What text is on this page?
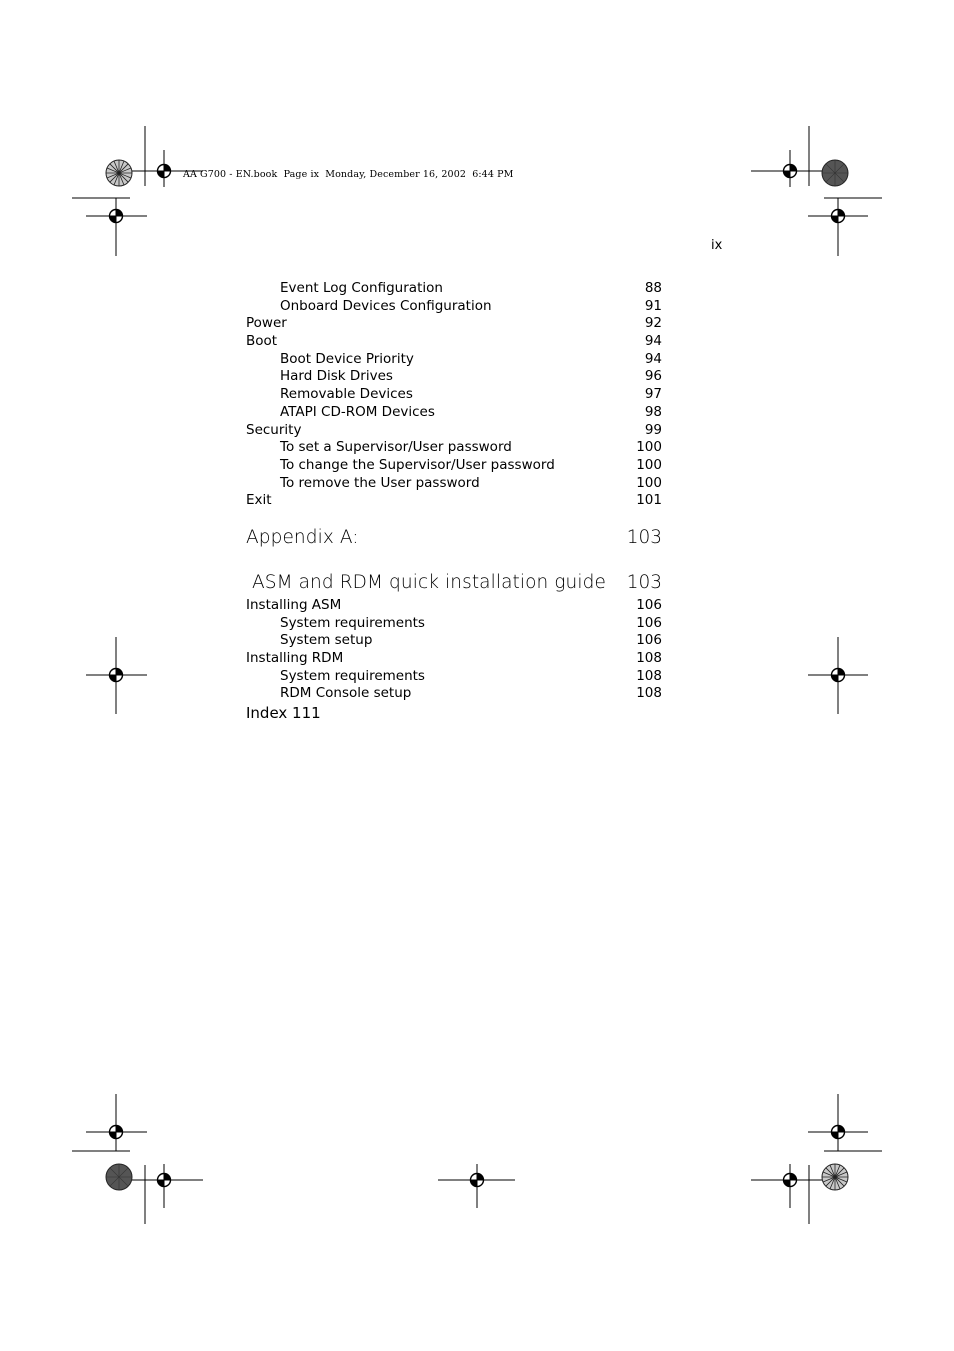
AA G700 - EN.book  Page ix  Monday, December 16, 2002  6:44 PM
ix
Event Log Configuration	88
Onboard Devices Configuration	91
Power	92
Boot	94
Boot Device Priority	94
Hard Disk Drives	96
Removable Devices	97
ATAPI CD-ROM Devices	98
Security	99
To set a Supervisor/User password	100
To change the Supervisor/User password	100
To remove the User password	100
Exit	101
Appendix A:	103
ASM and RDM quick installation guide 103
Installing ASM	106
System requirements	106
System setup	106
Installing RDM	108
System requirements	108
RDM Console setup	108
Index 111
